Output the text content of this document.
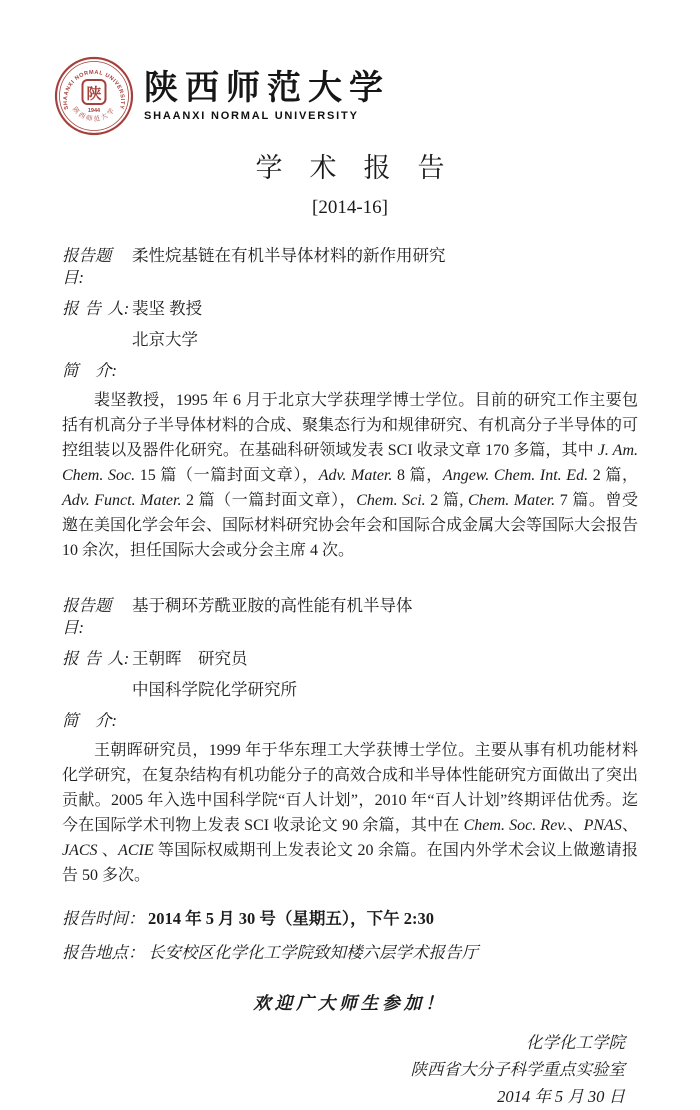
SHAANXI NORMAL UNIVERSITY
陕
1944
陕西师范大学
陕西师范大学
SHAANXI NORMAL UNIVERSITY
学　术　报　告
[2014-16]
报告题目:
柔性烷基链在有机半导体材料的新作用研究
报 告 人: 裴坚 教授
北京大学
简　介:

裴坚教授，1995 年 6 月于北京大学获理学博士学位。目前的研究工作主要包括有机高分子半导体材料的合成、聚集态行为和规律研究、有机高分子半导体的可控组装以及器件化研究。在基础科研领域发表 SCI 收录文章 170 多篇，其中 J. Am. Chem. Soc. 15 篇（一篇封面文章），Adv. Mater. 8 篇，Angew. Chem. Int. Ed. 2 篇，Adv. Funct. Mater. 2 篇（一篇封面文章），Chem. Sci. 2 篇, Chem. Mater. 7 篇。曾受邀在美国化学会年会、国际材料研究协会年会和国际合成金属大会等国际大会报告 10 余次，担任国际大会或分会主席 4 次。

报告题目:
基于稠环芳酰亚胺的高性能有机半导体
报 告 人: 王朝晖　研究员
中国科学院化学研究所
简　介:

王朝晖研究员，1999 年于华东理工大学获博士学位。主要从事有机功能材料化学研究，在复杂结构有机功能分子的高效合成和半导体性能研究方面做出了突出贡献。2005 年入选中国科学院“百人计划”，2010 年“百人计划”终期评估优秀。迄今在国际学术刊物上发表 SCI 收录论文 90 余篇，其中在 Chem. Soc. Rev.、PNAS、JACS 、ACIE 等国际权威期刊上发表论文 20 余篇。在国内外学术会议上做邀请报告 50 多次。

报告时间： 2014 年 5 月 30 号（星期五），下午 2:30
报告地点： 长安校区化学化工学院致知楼六层学术报告厅
欢迎广大师生参加！
化学化工学院
陕西省大分子科学重点实验室
2014 年 5 月 30 日
